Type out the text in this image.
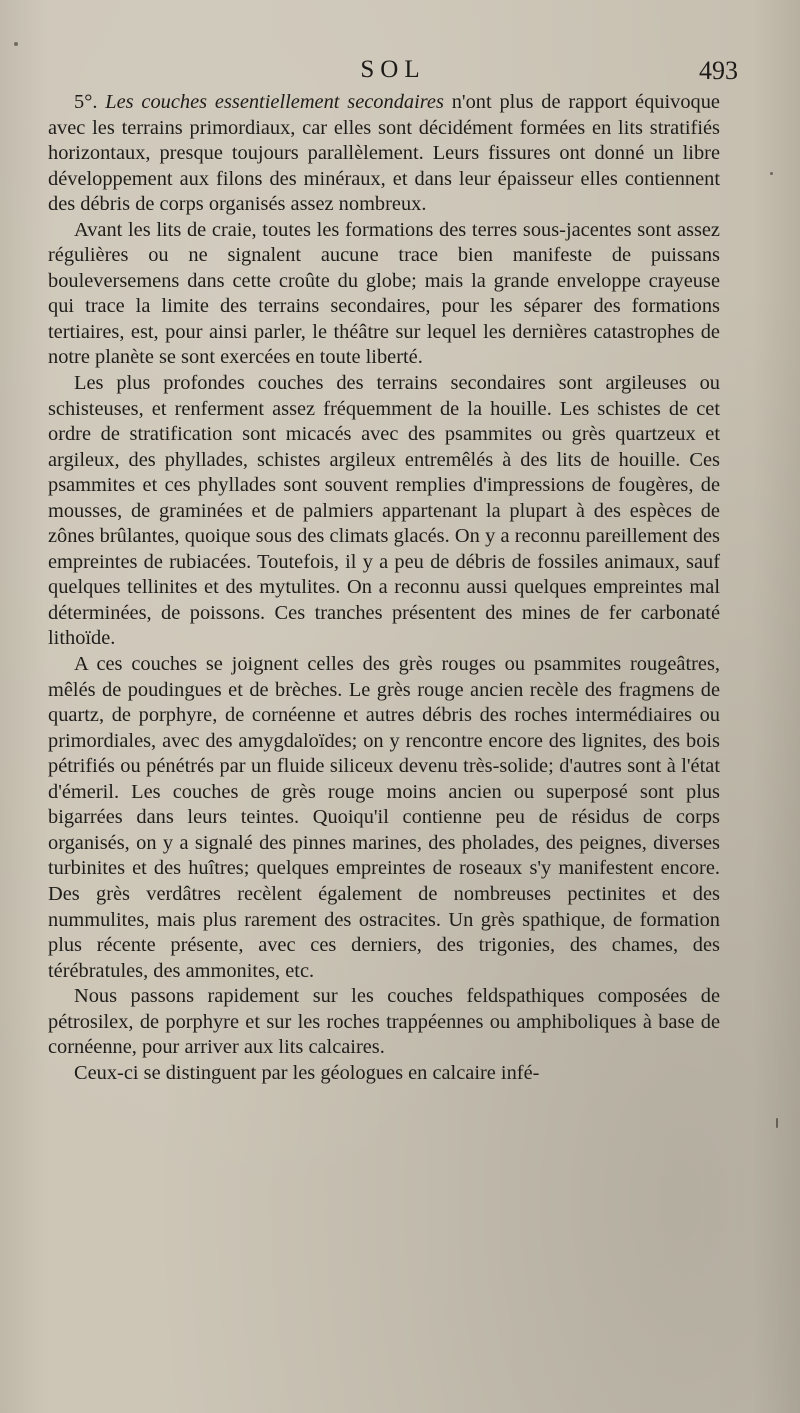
SOL	493

5°. Les couches essentiellement secondaires n'ont plus de rapport équivoque avec les terrains primordiaux, car elles sont décidément formées en lits stratifiés horizontaux, presque toujours parallèlement. Leurs fissures ont donné un libre développement aux filons des minéraux, et dans leur épaisseur elles contiennent des débris de corps organisés assez nombreux.

Avant les lits de craie, toutes les formations des terres sous-jacentes sont assez régulières ou ne signalent aucune trace bien manifeste de puissans bouleversemens dans cette croûte du globe; mais la grande enveloppe crayeuse qui trace la limite des terrains secondaires, pour les séparer des formations tertiaires, est, pour ainsi parler, le théâtre sur lequel les dernières catastrophes de notre planète se sont exercées en toute liberté.

Les plus profondes couches des terrains secondaires sont argileuses ou schisteuses, et renferment assez fréquemment de la houille. Les schistes de cet ordre de stratification sont micacés avec des psammites ou grès quartzeux et argileux, des phyllades, schistes argileux entremêlés à des lits de houille. Ces psammites et ces phyllades sont souvent remplies d'impressions de fougères, de mousses, de graminées et de palmiers appartenant la plupart à des espèces de zônes brûlantes, quoique sous des climats glacés. On y a reconnu pareillement des empreintes de rubiacées. Toutefois, il y a peu de débris de fossiles animaux, sauf quelques tellinites et des mytulites. On a reconnu aussi quelques empreintes mal déterminées, de poissons. Ces tranches présentent des mines de fer carbonaté lithoïde.

A ces couches se joignent celles des grès rouges ou psammites rougeâtres, mêlés de poudingues et de brèches. Le grès rouge ancien recèle des fragmens de quartz, de porphyre, de cornéenne et autres débris des roches intermédiaires ou primordiales, avec des amygdaloïdes; on y rencontre encore des lignites, des bois pétrifiés ou pénétrés par un fluide siliceux devenu très-solide; d'autres sont à l'état d'émeril. Les couches de grès rouge moins ancien ou superposé sont plus bigarrées dans leurs teintes. Quoiqu'il contienne peu de résidus de corps organisés, on y a signalé des pinnes marines, des pholades, des peignes, diverses turbinites et des huîtres; quelques empreintes de roseaux s'y manifestent encore. Des grès verdâtres recèlent également de nombreuses pectinites et des nummulites, mais plus rarement des ostracites. Un grès spathique, de formation plus récente présente, avec ces derniers, des trigonies, des chames, des térébratules, des ammonites, etc.

Nous passons rapidement sur les couches feldspathiques composées de pétrosilex, de porphyre et sur les roches trappéennes ou amphiboliques à base de cornéenne, pour arriver aux lits calcaires.

Ceux-ci se distinguent par les géologues en calcaire infé-
